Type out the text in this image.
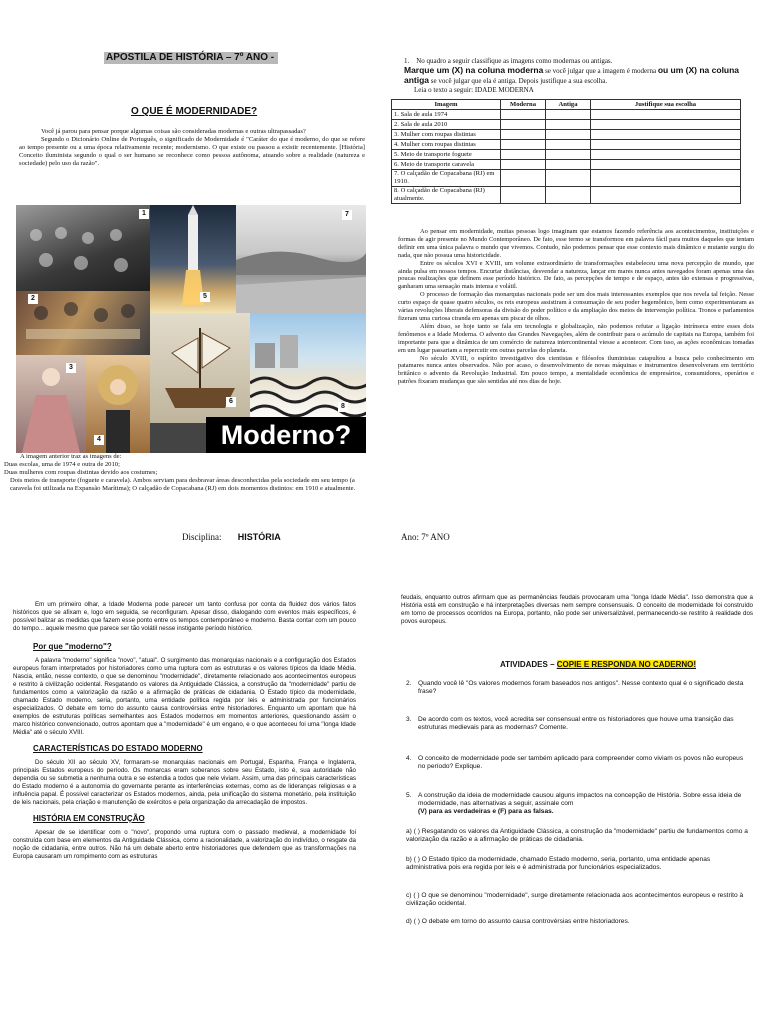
APOSTILA DE HISTÓRIA – 7º ANO -
O QUE É MODERNIDADE?

Você já parou para pensar porque algumas coisas são consideradas modernas e outras ultrapassadas?

Segundo o Dicionário Online de Português, o significado de Modernidade é "Caráter do que é moderno, do que se refere ao tempo presente ou a uma época relativamente recente; modernismo. O que existe ou passou a existir recentemente. [História] Conceito iluminista segundo o qual o ser humano se reconhece como pessoa autônoma, atuando sobre a realidade (natureza e sociedade) pelo uso da razão".

Moderno?
1
2
3
4
5
6
7
8

A imagem anterior traz as imagens de:

Duas escolas, uma de 1974 e outra de 2010;

Duas mulheres com roupas distintas devido aos costumes;

Dois meios de transporte (foguete e caravela). Ambos serviam para desbravar áreas desconhecidas pela sociedade em seu tempo (a caravela foi utilizada na Expansão Marítima); O calçadão de Copacabana (RJ) em dois momentos distintos: em 1910 e atualmente.

1. No quadro a seguir classifique as imagens como modernas ou antigas.
Marque um (X) na coluna moderna se você julgar que a imagem é moderna ou um (X) na coluna antiga se você julgar que ela é antiga. Depois justifique a sua escolha.
Leia o texto a seguir: IDADE MODERNA
Imagem	Moderna	Antiga	Justifique sua escolha
1. Sala de aula 1974			
2. Sala de aula 2010			
3. Mulher com roupas distintas			
4. Mulher com roupas distintas			
5. Meio de transporte foguete			
6. Meio de transporte caravela			
7. O calçadão de Copacabana (RJ) em 1910.			
8. O calçadão de Copacabana (RJ) atualmente.			

Ao pensar em modernidade, muitas pessoas logo imaginam que estamos fazendo referência aos acontecimentos, instituições e formas de agir presente no Mundo Contemporâneo. De fato, esse termo se transformou em palavra fácil para muitos daqueles que tentam definir em uma única palavra o mundo que vivemos. Contudo, não podemos pensar que esse contexto mais dinâmico e mutante surgiu do nada, que não possua uma historicidade.

Entre os séculos XVI e XVIII, um volume extraordinário de transformações estabeleceu uma nova percepção de mundo, que ainda pulsa em nossos tempos. Encurtar distâncias, desvendar a natureza, lançar em mares nunca antes navegados foram apenas uma das poucas realizações que definem esse período histórico. De fato, as percepções de tempo e de espaço, antes tão extensas e progressivas, ganharam uma sensação mais intensa e volátil.

O processo de formação das monarquias nacionais pode ser um dos mais interessantes exemplos que nos revela tal feição. Nesse curto espaço de quase quatro séculos, os reis europeus assistiram à consumação de seu poder hegemônico, bem como experimentaram as várias revoluções liberais defensoras da divisão do poder político e da ampliação dos meios de intervenção política. Tronos e parlamentos fizeram uma curiosa ciranda em apenas um piscar de olhos.

Além disso, se hoje tanto se fala em tecnologia e globalização, não podemos refutar a ligação intrínseca entre esses dois fenômenos e a Idade Moderna. O advento das Grandes Navegações, além de contribuir para o acúmulo de capitais na Europa, também foi importante para que a dinâmica de um comércio de natureza intercontinental viesse a acontecer. Com isso, as ações econômicas tomadas em um lugar passariam a repercutir em outras parcelas do planeta.

No século XVIII, o espírito investigativo dos cientistas e filósofos iluministas catapultou a busca pelo conhecimento em patamares nunca antes observados. Não por acaso, o desenvolvimento de novas máquinas e instrumentos desenvolveram em território britânico o advento da Revolução Industrial. Em pouco tempo, a mentalidade econômica de empresários, consumidores, operários e patrões fixaram mudanças que são sentidas até nos dias de hoje.

Disciplina: HISTÓRIA	Ano: 7º ANO

Em um primeiro olhar, a Idade Moderna pode parecer um tanto confusa por conta da fluidez dos vários fatos históricos que se afixam e, logo em seguida, se reconfiguram. Apesar disso, dialogando com eventos mais específicos, é possível balizar as medidas que fazem esse ponto entre os tempos contemporâneo e moderno. Basta contar com um pouco do tempo... aquele mesmo que parece ser tão volátil nesse instigante período histórico.

Por que "moderno"?

A palavra "moderno" significa "novo", "atual". O surgimento das monarquias nacionais e a configuração dos Estados europeus foram interpretados por historiadores como uma ruptura com as estruturas e os valores típicos da Idade Média. Nascia, então, nesse contexto, o que se denominou "modernidade", diretamente relacionado aos acontecimentos europeus e restrito à civilização ocidental. Resgatando os valores da Antiguidade Clássica, a construção da "modernidade" partiu de fundamentos como a valorização da razão e a afirmação de práticas de cidadania. O Estado típico da modernidade, chamado Estado moderno, seria, portanto, uma entidade política regida por leis e administrada por funcionários especializados. O debate em torno do assunto causa controvérsias entre historiadores. Enquanto um apontam que há exemplos de estruturas políticas semelhantes aos Estados modernos em momentos anteriores, questionando assim o marco histórico convencionado, outros apontam que a "modernidade" é um engano, e o que aconteceu foi uma "longa Idade Média" até o século XVIII.

CARACTERÍSTICAS DO ESTADO MODERNO

Do século XII ao século XV, formaram-se monarquias nacionais em Portugal, Espanha, França e Inglaterra, principais Estados europeus do período. Os monarcas eram soberanos sobre seu Estado, isto é, sua autoridade não dependia ou se submetia a nenhuma outra e se estendia a todos que nele viviam. Assim, uma das principais características do Estado moderno é a autonomia do governante perante as interferências externas, como as de lideranças religiosas e a influência papal. É possível caracterizar os Estados modernos, ainda, pela unificação do sistema monetário, pela instituição de leis nacionais, pela criação e manutenção de exércitos e pela organização da arrecadação de impostos.

HISTÓRIA EM CONSTRUÇÃO

Apesar de se identificar com o "novo", propondo uma ruptura com o passado medieval, a modernidade foi construída com base em elementos da Antiguidade Clássica, como a racionalidade, a valorização do indivíduo, o resgate da noção de cidadania, entre outros. Não há um debate aberto entre historiadores que defendem que as transformações na Europa causaram um rompimento com as estruturas

feudais, enquanto outros afirmam que as permanências feudais provocaram uma "longa Idade Média". Isso demonstra que a História está em construção e há interpretações diversas nem sempre consensuais. O conceito de modernidade foi construído em torno de processos ocorridos na Europa, portanto, não pode ser universalizável, permanecendo-se restrito à realidade dos povos europeus.

ATIVIDADES – COPIE E RESPONDA NO CADERNO!
2. Quando você lê "Os valores modernos foram baseados nos antigos". Nesse contexto qual é o significado desta frase?
3. De acordo com os textos, você acredita ser consensual entre os historiadores que houve uma transição das estruturas medievais para as modernas? Comente.
4. O conceito de modernidade pode ser também aplicado para compreender como viviam os povos não europeus no período? Explique.
5. A construção da ideia de modernidade causou alguns impactos na concepção de História. Sobre essa ideia de modernidade, nas alternativas a seguir, assinale com
(V) para as verdadeiras e (F) para as falsas.
a) ( ) Resgatando os valores da Antiguidade Clássica, a construção da "modernidade" partiu de fundamentos como a valorização da razão e a afirmação de práticas de cidadania.
b) ( ) O Estado típico da modernidade, chamado Estado moderno, seria, portanto, uma entidade apenas administrativa pois era regida por leis e é administrada por funcionários especializados.
c) ( ) O que se denominou "modernidade", surge diretamente relacionada aos acontecimentos europeus e restrito à civilização ocidental.
d) ( ) O debate em torno do assunto causa controvérsias entre historiadores.
